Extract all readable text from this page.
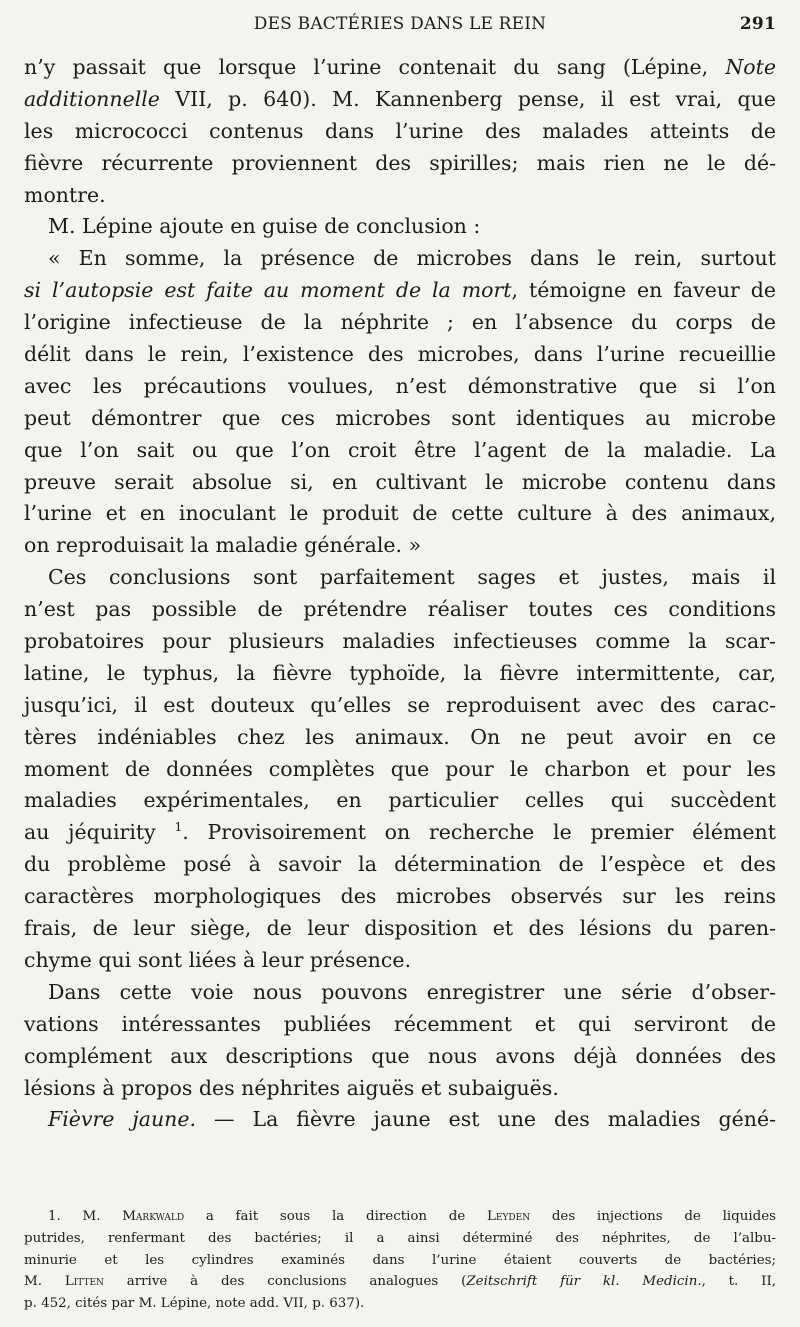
DES BACTÉRIES DANS LE REIN	291
n’y passait que lorsque l’urine contenait du sang (Lépine, Note
additionnelle VII, p. 640). M. Kannenberg pense, il est vrai, que
les micrococci contenus dans l’urine des malades atteints de
fièvre récurrente proviennent des spirilles; mais rien ne le dé-
montre.
M. Lépine ajoute en guise de conclusion :
« En somme, la présence de microbes dans le rein, surtout
si l’autopsie est faite au moment de la mort, témoigne en faveur de
l’origine infectieuse de la néphrite ; en l’absence du corps de
délit dans le rein, l’existence des microbes, dans l’urine recueillie
avec les précautions voulues, n’est démonstrative que si l’on
peut démontrer que ces microbes sont identiques au microbe
que l’on sait ou que l’on croit être l’agent de la maladie. La
preuve serait absolue si, en cultivant le microbe contenu dans
l’urine et en inoculant le produit de cette culture à des animaux,
on reproduisait la maladie générale. »
Ces conclusions sont parfaitement sages et justes, mais il
n’est pas possible de prétendre réaliser toutes ces conditions
probatoires pour plusieurs maladies infectieuses comme la scar-
latine, le typhus, la fièvre typhoïde, la fièvre intermittente, car,
jusqu’ici, il est douteux qu’elles se reproduisent avec des carac-
tères indéniables chez les animaux. On ne peut avoir en ce
moment de données complètes que pour le charbon et pour les
maladies expérimentales, en particulier celles qui succèdent
au jéquirity $^1$. Provisoirement on recherche le premier élément
du problème posé à savoir la détermination de l’espèce et des
caractères morphologiques des microbes observés sur les reins
frais, de leur siège, de leur disposition et des lésions du paren-
chyme qui sont liées à leur présence.
Dans cette voie nous pouvons enregistrer une série d’obser-
vations intéressantes publiées récemment et qui serviront de
complément aux descriptions que nous avons déjà données des
lésions à propos des néphrites aiguës et subaiguës.
Fièvre jaune. — La fièvre jaune est une des maladies géné-
1. M. Markwald a fait sous la direction de Leyden des injections de liquides
putrides, renfermant des bactéries; il a ainsi déterminé des néphrites, de l’albu-
minurie et les cylindres examinés dans l’urine étaient couverts de bactéries;
M. Litten arrive à des conclusions analogues (Zeitschrift für kl. Medicin., t. II,
p. 452, cités par M. Lépine, note add. VII, p. 637).
